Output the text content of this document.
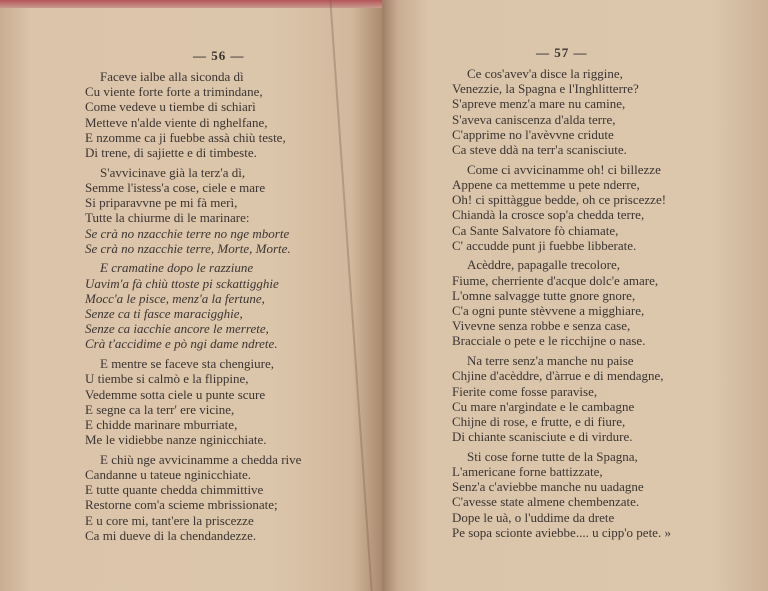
— 56 —
Faceve ialbe alla siconda dì
Cu viente forte forte a trimindane,
Come vedeve u tiembe di schiarì
Metteve n'alde viente di nghelfane,
E nzomme ca ji fuebbe assà chiù teste,
Di trene, di sajiette e di timbeste.
S'avvicinave già la terz'a dì,
Semme l'istess'a cose, ciele e mare
Si priparavvne pe mi fà merì,
Tutte la chiurme di le marinare:
Se crà no nzacchie terre no nge mborte
Se crà no nzacchie terre, Morte, Morte.
E cramatine dopo le razziune
Uavim'a fà chiù ttoste pi sckattigghie
Mocc'a le pisce, menz'a la fertune,
Senze ca ti fasce maracigghie,
Senze ca iacchie ancore le merrete,
Crà t'accidime e pò ngi dame ndrete.
E mentre se faceve sta chengiure,
U tiembe si calmò e la flippine,
Vedemme sotta ciele u punte scure
E segne ca la terr' ere vicine,
E chidde marinare mburriate,
Me le vidiebbe nanze nginicchiate.
E chiù nge avvicinamme a chedda rive
Candanne u tateue nginicchiate.
E tutte quante chedda chimmittive
Restorne com'a scieme mbrissionate;
E u core mi, tant'ere la priscezze
Ca mi dueve di la chendandezze.
— 57 —
Ce cos'avev'a disce la riggine,
Venezzie, la Spagna e l'Inghlitterre?
S'apreve menz'a mare nu camine,
S'aveva caniscenza d'alda terre,
C'apprime no l'avèvvne cridute
Ca steve ddà na terr'a scanisciute.
Come ci avvicinamme oh! ci billezze
Appene ca mettemme u pete nderre,
Oh! ci spittàggue bedde, oh ce priscezze!
Chiandà la crosce sop'a chedda terre,
Ca Sante Salvatore fò chiamate,
C' accudde punt ji fuebbe libberate.
Acèddre, papagalle trecolore,
Fiume, cherriente d'acque dolc'e amare,
L'omne salvagge tutte gnore gnore,
C'a ogni punte stèvvene a migghiare,
Vivevne senza robbe e senza case,
Bracciale o pete e le ricchijne o nase.
Na terre senz'a manche nu paise
Chjine d'acèddre, d'àrrue e di mendagne,
Fierite come fosse paravise,
Cu mare n'argindate e le cambagne
Chijne di rose, e frutte, e di fiure,
Di chiante scanisciute e di virdure.
Sti cose forne tutte de la Spagna,
L'americane forne battizzate,
Senz'a c'aviebbe manche nu uadagne
C'avesse state almene chembenzate.
Dope le uà, o l'uddime da drete
Pe sopa scionte aviebbe.... u cipp'o pete. »
